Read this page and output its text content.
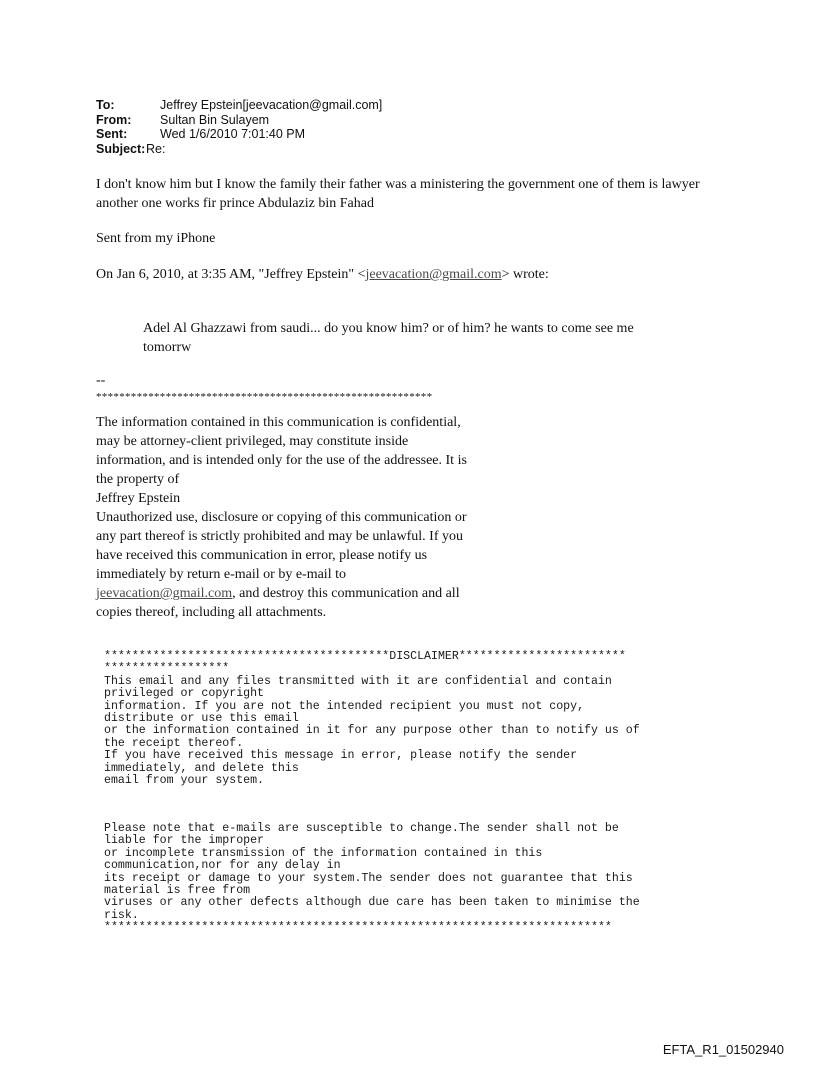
To:	Jeffrey Epstein[jeevacation@gmail.com]
From:	Sultan Bin Sulayem
Sent:	Wed 1/6/2010 7:01:40 PM
Subject: Re:
I don't know him but I know the family their father was a ministering the government one of them is lawyer another one works fir prince Abdulaziz bin Fahad
Sent from my iPhone
On Jan 6, 2010, at 3:35 AM, "Jeffrey Epstein" <jeevacation@gmail.com> wrote:
Adel Al Ghazzawi from saudi... do you know him? or of him? he wants to come see me tomorrw
--
**********************************************************

The information contained in this communication is confidential, may be attorney-client privileged, may constitute inside information, and is intended only for the use of the addressee. It is the property of

Jeffrey Epstein

Unauthorized use, disclosure or copying of this communication or any part thereof is strictly prohibited and may be unlawful. If you have received this communication in error, please notify us immediately by return e-mail or by e-mail to jeevacation@gmail.com, and destroy this communication and all copies thereof, including all attachments.

*****************************************DISCLAIMER************************
******************
This email and any files transmitted with it are confidential and contain
privileged or copyright
information. If you are not the intended recipient you must not copy,
distribute or use this email
or the information contained in it for any purpose other than to notify us of
the receipt thereof.
If you have received this message in error, please notify the sender
immediately, and delete this
email from your system.
Please note that e-mails are susceptible to change.The sender shall not be
liable for the improper
or incomplete transmission of the information contained in this
communication,nor for any delay in
its receipt or damage to your system.The sender does not guarantee that this
material is free from
viruses or any other defects although due care has been taken to minimise the
risk.
*************************************************************************
EFTA_R1_01502940
